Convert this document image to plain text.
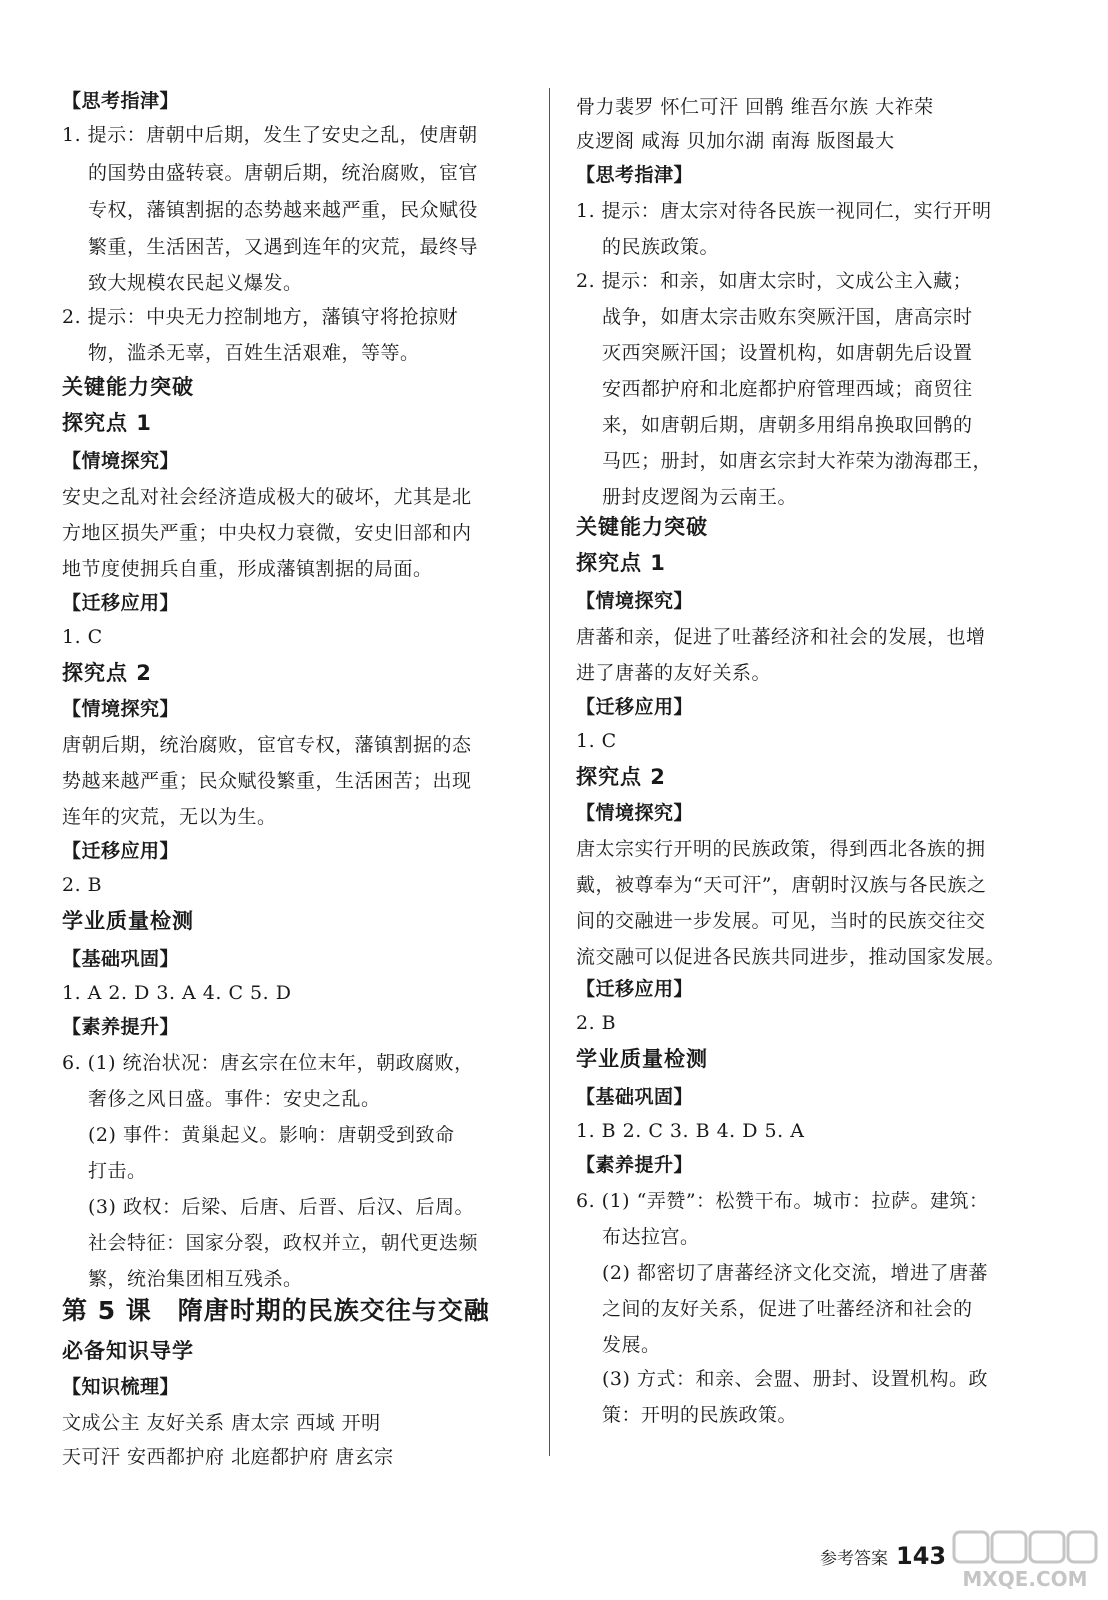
【思考指津】
1. 提示：唐朝中后期，发生了安史之乱，使唐朝
的国势由盛转衰。唐朝后期，统治腐败，宦官
专权，藩镇割据的态势越来越严重，民众赋役
繁重，生活困苦，又遇到连年的灾荒，最终导
致大规模农民起义爆发。
2. 提示：中央无力控制地方，藩镇守将抢掠财
物，滥杀无辜，百姓生活艰难，等等。
关键能力突破
探究点 1
【情境探究】
安史之乱对社会经济造成极大的破坏，尤其是北
方地区损失严重；中央权力衰微，安史旧部和内
地节度使拥兵自重，形成藩镇割据的局面。
【迁移应用】
1. C
探究点 2
【情境探究】
唐朝后期，统治腐败，宦官专权，藩镇割据的态
势越来越严重；民众赋役繁重，生活困苦；出现
连年的灾荒，无以为生。
【迁移应用】
2. B
学业质量检测
【基础巩固】
1. A 2. D 3. A 4. C 5. D
【素养提升】
6. (1) 统治状况：唐玄宗在位末年，朝政腐败，
奢侈之风日盛。事件：安史之乱。
(2) 事件：黄巢起义。影响：唐朝受到致命
打击。
(3) 政权：后梁、后唐、后晋、后汉、后周。
社会特征：国家分裂，政权并立，朝代更迭频
繁，统治集团相互残杀。
第 5 课　隋唐时期的民族交往与交融
必备知识导学
【知识梳理】
文成公主 友好关系 唐太宗 西域 开明
天可汗 安西都护府 北庭都护府 唐玄宗
骨力裴罗 怀仁可汗 回鹘 维吾尔族 大祚荣
皮逻阁 咸海 贝加尔湖 南海 版图最大
【思考指津】
1. 提示：唐太宗对待各民族一视同仁，实行开明
的民族政策。
2. 提示：和亲，如唐太宗时，文成公主入藏；
战争，如唐太宗击败东突厥汗国，唐高宗时
灭西突厥汗国；设置机构，如唐朝先后设置
安西都护府和北庭都护府管理西域；商贸往
来，如唐朝后期，唐朝多用绢帛换取回鹘的
马匹；册封，如唐玄宗封大祚荣为渤海郡王，
册封皮逻阁为云南王。
关键能力突破
探究点 1
【情境探究】
唐蕃和亲，促进了吐蕃经济和社会的发展，也增
进了唐蕃的友好关系。
【迁移应用】
1. C
探究点 2
【情境探究】
唐太宗实行开明的民族政策，得到西北各族的拥
戴，被尊奉为“天可汗”，唐朝时汉族与各民族之
间的交融进一步发展。可见，当时的民族交往交
流交融可以促进各民族共同进步，推动国家发展。
【迁移应用】
2. B
学业质量检测
【基础巩固】
1. B 2. C 3. B 4. D 5. A
【素养提升】
6. (1) “弄赞”：松赞干布。城市：拉萨。建筑：
布达拉宫。
(2) 都密切了唐蕃经济文化交流，增进了唐蕃
之间的友好关系，促进了吐蕃经济和社会的
发展。
(3) 方式：和亲、会盟、册封、设置机构。政
策：开明的民族政策。
参考答案 143
MXQE.COM
